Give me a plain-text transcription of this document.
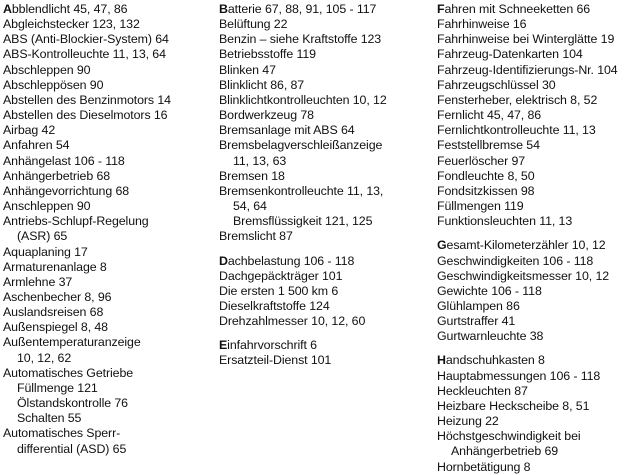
Abblendlicht 45, 47, 86
Abgleichstecker 123, 132
ABS (Anti-Blockier-System) 64
ABS-Kontrolleuchte 11, 13, 64
Abschleppen 90
Abschleppösen 90
Abstellen des Benzinmotors 14
Abstellen des Dieselmotors 16
Airbag 42
Anfahren 54
Anhängelast 106 - 118
Anhängerbetrieb 68
Anhängevorrichtung 68
Anschleppen 90
Antriebs-Schlupf-Regelung
(ASR) 65
Aquaplaning 17
Armaturenanlage 8
Armlehne 37
Aschenbecher 8, 96
Auslandsreisen 68
Außenspiegel 8, 48
Außentemperaturanzeige
10, 12, 62
Automatisches Getriebe
Füllmenge 121
Ölstandskontrolle 76
Schalten 55
Automatisches Sperr-
differential (ASD) 65
Batterie 67, 88, 91, 105 - 117
Belüftung 22
Benzin – siehe Kraftstoffe 123
Betriebsstoffe 119
Blinken 47
Blinklicht 86, 87
Blinklichtkontrolleuchten 10, 12
Bordwerkzeug 78
Bremsanlage mit ABS 64
Bremsbelagverschleißanzeige
11, 13, 63
Bremsen 18
Bremsenkontrolleuchte 11, 13,
54, 64
Bremsflüssigkeit 121, 125
Bremslicht 87
Dachbelastung 106 - 118
Dachgepäckträger 101
Die ersten 1 500 km 6
Dieselkraftstoffe 124
Drehzahlmesser 10, 12, 60
Einfahrvorschrift 6
Ersatzteil-Dienst 101
Fahren mit Schneeketten 66
Fahrhinweise 16
Fahrhinweise bei Winterglätte 19
Fahrzeug-Datenkarten 104
Fahrzeug-Identifizierungs-Nr. 104
Fahrzeugschlüssel 30
Fensterheber, elektrisch 8, 52
Fernlicht 45, 47, 86
Fernlichtkontrolleuchte 11, 13
Feststellbremse 54
Feuerlöscher 97
Fondleuchte 8, 50
Fondsitzkissen 98
Füllmengen 119
Funktionsleuchten 11, 13
Gesamt-Kilometerzähler 10, 12
Geschwindigkeiten 106 - 118
Geschwindigkeitsmesser 10, 12
Gewichte 106 - 118
Glühlampen 86
Gurtstraffer 41
Gurtwarnleuchte 38
Handschuhkasten 8
Hauptabmessungen 106 - 118
Heckleuchten 87
Heizbare Heckscheibe 8, 51
Heizung 22
Höchstgeschwindigkeit bei
Anhängerbetrieb 69
Hornbetätigung 8
